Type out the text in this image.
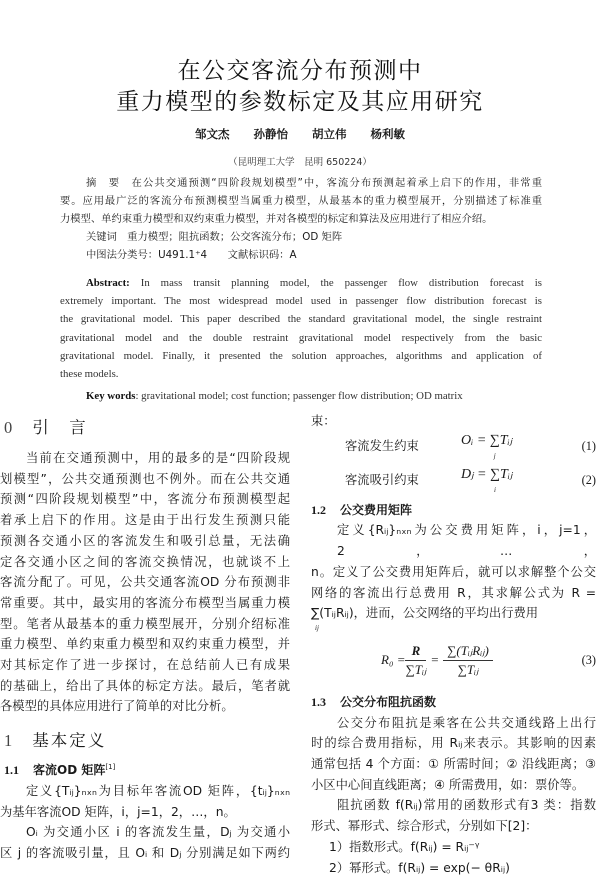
在公交客流分布预测中
重力模型的参数标定及其应用研究
邹文杰 孙静怡 胡立伟 杨利敏
（昆明理工大学　昆明 650224）
摘　要　在公共交通预测“四阶段规划模型”中，客流分布预测起着承上启下的作用，非常重
要。应用最广泛的客流分布预测模型当属重力模型，从最基本的重力模型展开，分别描述了标准重
力模型、单约束重力模型和双约束重力模型，并对各模型的标定和算法及应用进行了相应介绍。
关键词　重力模型；阻抗函数；公交客流分布；OD 矩阵
中图法分类号：U491.1⁺4　　文献标识码：A
Abstract: In mass transit planning model, the passenger flow distribution forecast is
extremely important. The most widespread model used in passenger flow distribution forecast is
the gravitational model. This paper described the standard gravitational model, the single restraint
gravitational model and the double restraint gravitational model respectively from the basic
gravitational model. Finally, it presented the solution approaches, algorithms and application of
these models.
Key words: gravitational model; cost function; passenger flow distribution; OD matrix
0 引　言
当前在交通预测中，用的最多的是“四阶段规
划模型”，公共交通预测也不例外。而在公共交通
预测“四阶段规划模型”中，客流分布预测模型起
着承上启下的作用。这是由于出行发生预测只能
预测各交通小区的客流发生和吸引总量，无法确
定各交通小区之间的客流交换情况，也就谈不上
客流分配了。可见，公共交通客流OD 分布预测非
常重要。其中，最实用的客流分布模型当属重力模
型。笔者从最基本的重力模型展开，分别介绍标准
重力模型、单约束重力模型和双约束重力模型，并
对其标定作了进一步探讨，在总结前人已有成果
的基础上，给出了具体的标定方法。最后，笔者就
各模型的具体应用进行了简单的对比分析。
1 基本定义
1.1 客流OD 矩阵[1]
定义{Tᵢⱼ}ₙₓₙ为目标年客流OD 矩阵，{tᵢⱼ}ₙₓₙ
为基年客流OD 矩阵，i，j=1，2，…，n。
Oᵢ 为交通小区 i 的客流发生量，Dⱼ 为交通小
区 j 的客流吸引量，且 Oᵢ 和 Dⱼ 分别满足如下两约
束：
客流发生约束	Oᵢ = ∑
jTᵢⱼ	(1)
客流吸引约束	Dⱼ = ∑
iTᵢⱼ	(2)
1.2 公交费用矩阵
定义{Rᵢⱼ}ₙₓₙ为公交费用矩阵，i，j=1，2，…，
n。定义了公交费用矩阵后，就可以求解整个公交
网络的客流出行总费用 R，其求解公式为 R =
∑(TᵢⱼRᵢⱼ)，进而，公交网络的平均出行费用
ij
$R_0 = \frac{R}{\text{∑Tᵢⱼ}} = \frac{\text{∑(TᵢⱼRᵢⱼ)}}{\text{∑Tᵢⱼ}}$	(3)
1.3 公交分布阻抗函数
公交分布阻抗是乘客在公共交通线路上出行
时的综合费用指标，用 Rᵢⱼ来表示。其影响的因素
通常包括 4 个方面：① 所需时间；② 沿线距离；③
小区中心间直线距离；④ 所需费用，如：票价等。
阻抗函数 f(Rᵢⱼ)常用的函数形式有3 类：指数
形式、幂形式、综合形式，分别如下[2]：
1）指数形式。f(Rᵢⱼ) = Rᵢⱼ⁻ᵞ
2）幂形式。f(Rᵢⱼ) = exp(− θRᵢⱼ)
